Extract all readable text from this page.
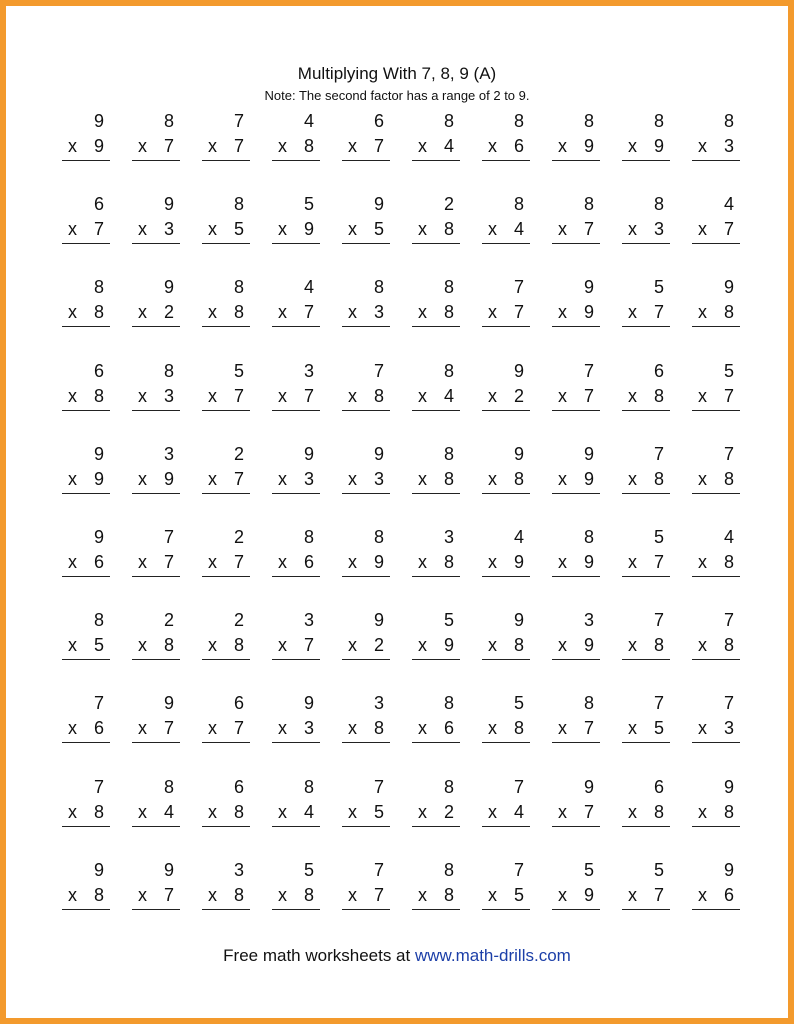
Multiplying With 7, 8, 9 (A)
Note: The second factor has a range of 2 to 9.
9
x 9
8
x 7
7
x 7
4
x 8
6
x 7
8
x 4
8
x 6
8
x 9
8
x 9
8
x 3
6
x 7
9
x 3
8
x 5
5
x 9
9
x 5
2
x 8
8
x 4
8
x 7
8
x 3
4
x 7
8
x 8
9
x 2
8
x 8
4
x 7
8
x 3
8
x 8
7
x 7
9
x 9
5
x 7
9
x 8
6
x 8
8
x 3
5
x 7
3
x 7
7
x 8
8
x 4
9
x 2
7
x 7
6
x 8
5
x 7
9
x 9
3
x 9
2
x 7
9
x 3
9
x 3
8
x 8
9
x 8
9
x 9
7
x 8
7
x 8
9
x 6
7
x 7
2
x 7
8
x 6
8
x 9
3
x 8
4
x 9
8
x 9
5
x 7
4
x 8
8
x 5
2
x 8
2
x 8
3
x 7
9
x 2
5
x 9
9
x 8
3
x 9
7
x 8
7
x 8
7
x 6
9
x 7
6
x 7
9
x 3
3
x 8
8
x 6
5
x 8
8
x 7
7
x 5
7
x 3
7
x 8
8
x 4
6
x 8
8
x 4
7
x 5
8
x 2
7
x 4
9
x 7
6
x 8
9
x 8
9
x 8
9
x 7
3
x 8
5
x 8
7
x 7
8
x 8
7
x 5
5
x 9
5
x 7
9
x 6
Free math worksheets at www.math-drills.com
